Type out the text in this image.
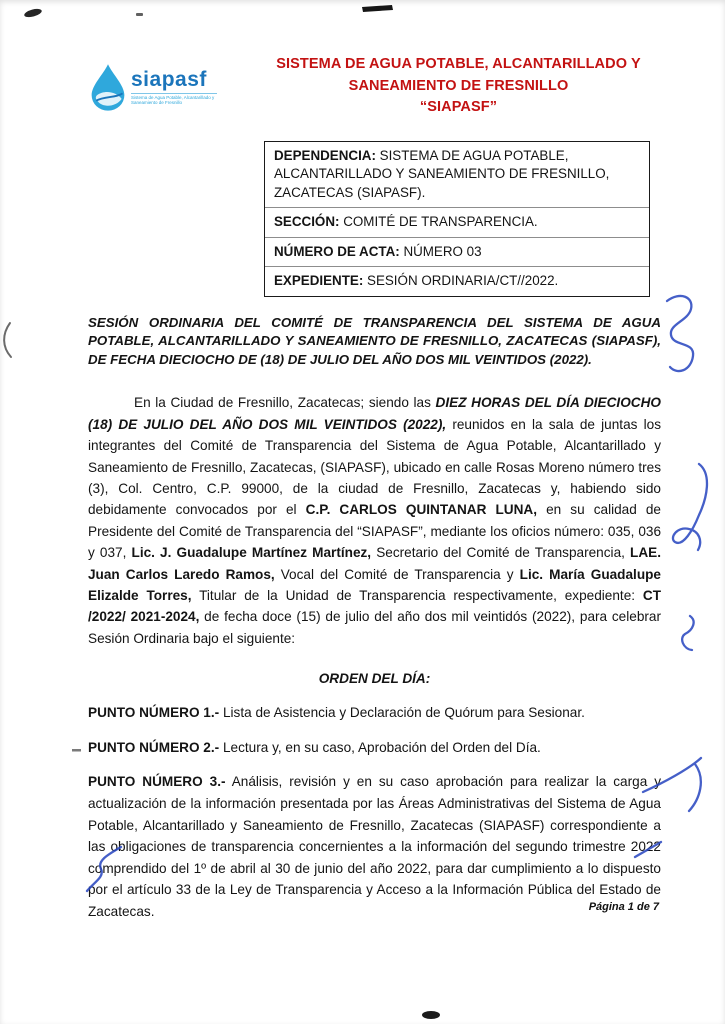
siapasf
Sistema de Agua Potable, Alcantarillado y Saneamiento de Fresnillo
SISTEMA DE AGUA POTABLE, ALCANTARILLADO Y
SANEAMIENTO DE FRESNILLO
“SIAPASF”
DEPENDENCIA: SISTEMA DE AGUA POTABLE, ALCANTARILLADO Y SANEAMIENTO DE FRESNILLO, ZACATECAS (SIAPASF).
SECCIÓN: COMITÉ DE TRANSPARENCIA.
NÚMERO DE ACTA: NÚMERO 03
EXPEDIENTE: SESIÓN ORDINARIA/CT//2022.

SESIÓN ORDINARIA DEL COMITÉ DE TRANSPARENCIA DEL SISTEMA DE AGUA POTABLE, ALCANTARILLADO Y SANEAMIENTO DE FRESNILLO, ZACATECAS (SIAPASF), DE FECHA DIECIOCHO DE (18) DE JULIO DEL AÑO DOS MIL VEINTIDOS (2022).

En la Ciudad de Fresnillo, Zacatecas; siendo las DIEZ HORAS DEL DÍA DIECIOCHO (18) DE JULIO DEL AÑO DOS MIL VEINTIDOS (2022), reunidos en la sala de juntas los integrantes del Comité de Transparencia del Sistema de Agua Potable, Alcantarillado y Saneamiento de Fresnillo, Zacatecas, (SIAPASF), ubicado en calle Rosas Moreno número tres (3), Col. Centro, C.P. 99000, de la ciudad de Fresnillo, Zacatecas y, habiendo sido debidamente convocados por el C.P. CARLOS QUINTANAR LUNA, en su calidad de Presidente del Comité de Transparencia del “SIAPASF”, mediante los oficios número: 035, 036 y 037, Lic. J. Guadalupe Martínez Martínez, Secretario del Comité de Transparencia, LAE. Juan Carlos Laredo Ramos, Vocal del Comité de Transparencia y Lic. María Guadalupe Elizalde Torres, Titular de la Unidad de Transparencia respectivamente, expediente: CT /2022/ 2021-2024, de fecha doce (15) de julio del año dos mil veintidós (2022), para celebrar Sesión Ordinaria bajo el siguiente:

ORDEN DEL DÍA:

PUNTO NÚMERO 1.- Lista de Asistencia y Declaración de Quórum para Sesionar.

PUNTO NÚMERO 2.- Lectura y, en su caso, Aprobación del Orden del Día.

PUNTO NÚMERO 3.- Análisis, revisión y en su caso aprobación para realizar la carga y actualización de la información presentada por las Áreas Administrativas del Sistema de Agua Potable, Alcantarillado y Saneamiento de Fresnillo, Zacatecas (SIAPASF) correspondiente a las obligaciones de transparencia concernientes a la información del segundo trimestre 2022 comprendido del 1º de abril al 30 de junio del año 2022, para dar cumplimiento a lo dispuesto por el artículo 33 de la Ley de Transparencia y Acceso a la Información Pública del Estado de Zacatecas.	Página 1 de 7
